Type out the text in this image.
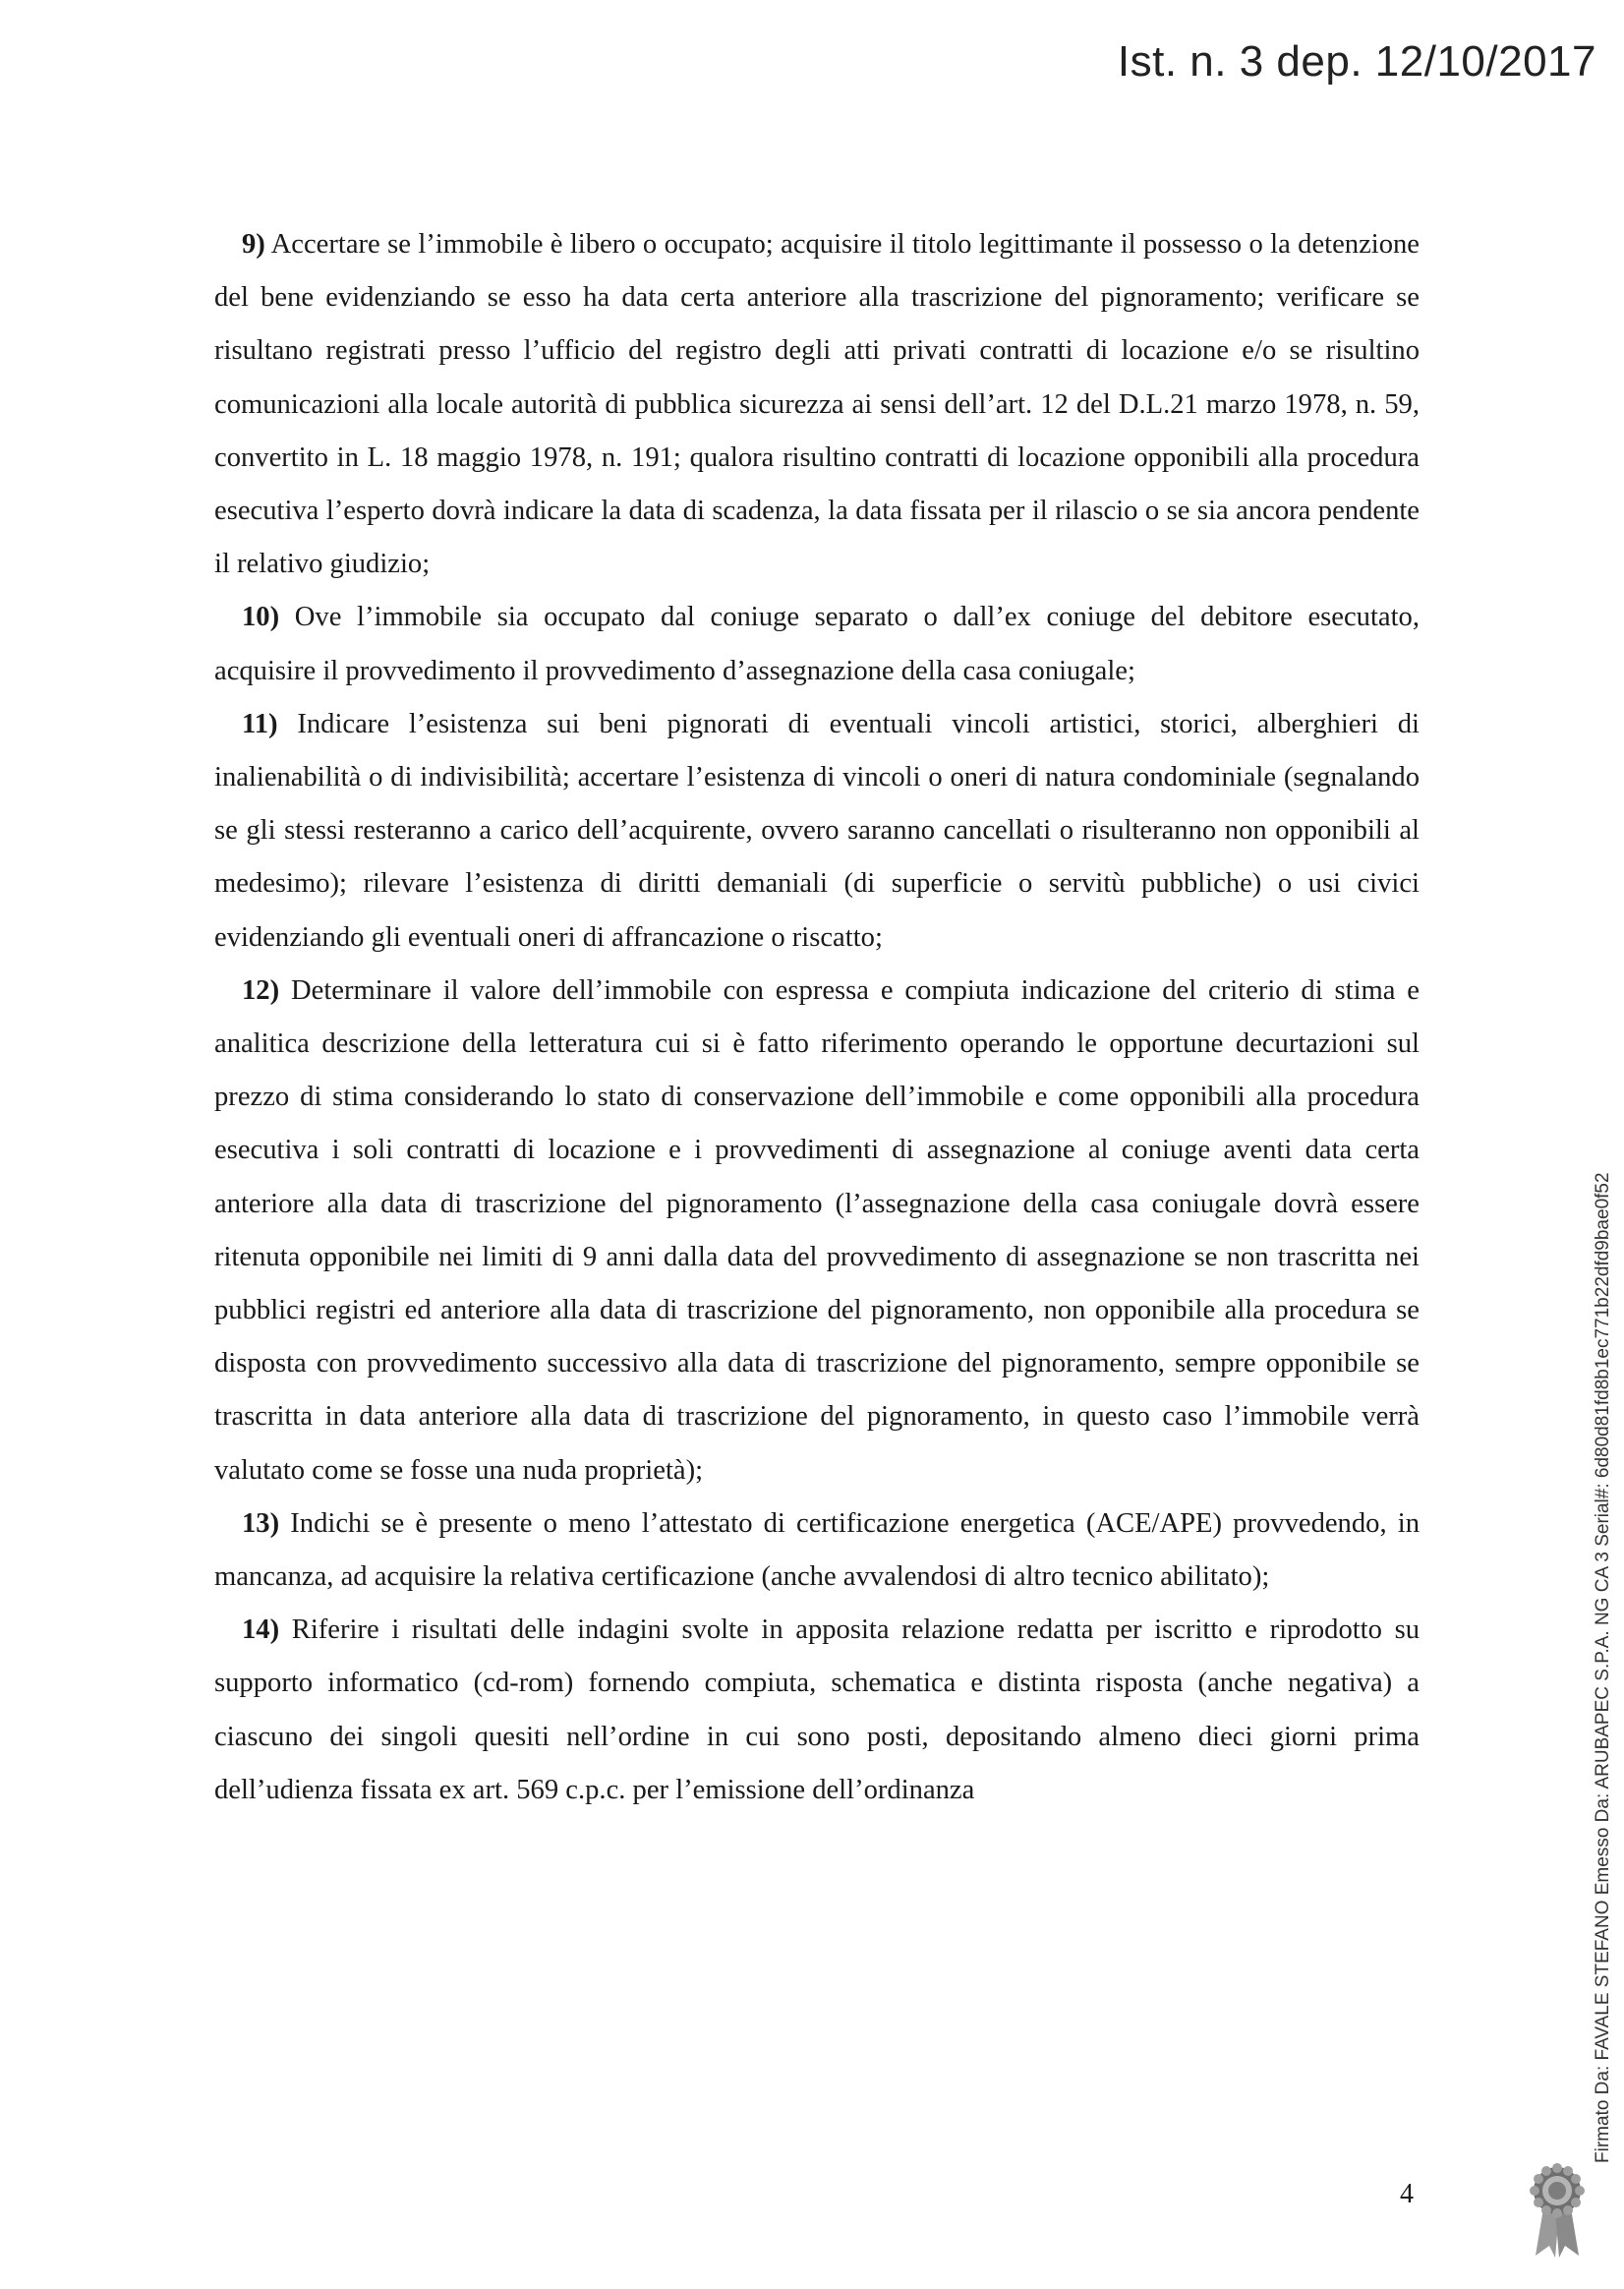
Ist. n. 3 dep. 12/10/2017

9) Accertare se l’immobile è libero o occupato; acquisire il titolo legittimante il possesso o la detenzione del bene evidenziando se esso ha data certa anteriore alla trascrizione del pignoramento; verificare se risultano registrati presso l’ufficio del registro degli atti privati contratti di locazione e/o se risultino comunicazioni alla locale autorità di pubblica sicurezza ai sensi dell’art. 12 del D.L.21 marzo 1978, n. 59, convertito in L. 18 maggio 1978, n. 191; qualora risultino contratti di locazione opponibili alla procedura esecutiva l’esperto dovrà indicare la data di scadenza, la data fissata per il rilascio o se sia ancora pendente il relativo giudizio;

10) Ove l’immobile sia occupato dal coniuge separato o dall’ex coniuge del debitore esecutato, acquisire il provvedimento il provvedimento d’assegnazione della casa coniugale;

11) Indicare l’esistenza sui beni pignorati di eventuali vincoli artistici, storici, alberghieri di inalienabilità o di indivisibilità; accertare l’esistenza di vincoli o oneri di natura condominiale (segnalando se gli stessi resteranno a carico dell’acquirente, ovvero saranno cancellati o risulteranno non opponibili al medesimo); rilevare l’esistenza di diritti demaniali (di superficie o servitù pubbliche) o usi civici evidenziando gli eventuali oneri di affrancazione o riscatto;

12) Determinare il valore dell’immobile con espressa e compiuta indicazione del criterio di stima e analitica descrizione della letteratura cui si è fatto riferimento operando le opportune decurtazioni sul prezzo di stima considerando lo stato di conservazione dell’immobile e come opponibili alla procedura esecutiva i soli contratti di locazione e i provvedimenti di assegnazione al coniuge aventi data certa anteriore alla data di trascrizione del pignoramento (l’assegnazione della casa coniugale dovrà essere ritenuta opponibile nei limiti di 9 anni dalla data del provvedimento di assegnazione se non trascritta nei pubblici registri ed anteriore alla data di trascrizione del pignoramento, non opponibile alla procedura se disposta con provvedimento successivo alla data di trascrizione del pignoramento, sempre opponibile se trascritta in data anteriore alla data di trascrizione del pignoramento, in questo caso l’immobile verrà valutato come se fosse una nuda proprietà);

13) Indichi se è presente o meno l’attestato di certificazione energetica (ACE/APE) provvedendo, in mancanza, ad acquisire la relativa certificazione (anche avvalendosi di altro tecnico abilitato);

14) Riferire i risultati delle indagini svolte in apposita relazione redatta per iscritto e riprodotto su supporto informatico (cd-rom) fornendo compiuta, schematica e distinta risposta (anche negativa) a ciascuno dei singoli quesiti nell’ordine in cui sono posti, depositando almeno dieci giorni prima dell’udienza fissata ex art. 569 c.p.c. per l’emissione dell’ordinanza

4
Firmato Da: FAVALE STEFANO Emesso Da: ARUBAPEC S.P.A. NG CA 3 Serial#: 6d80d81fd8b1ec771b22dfd9bae0f52
